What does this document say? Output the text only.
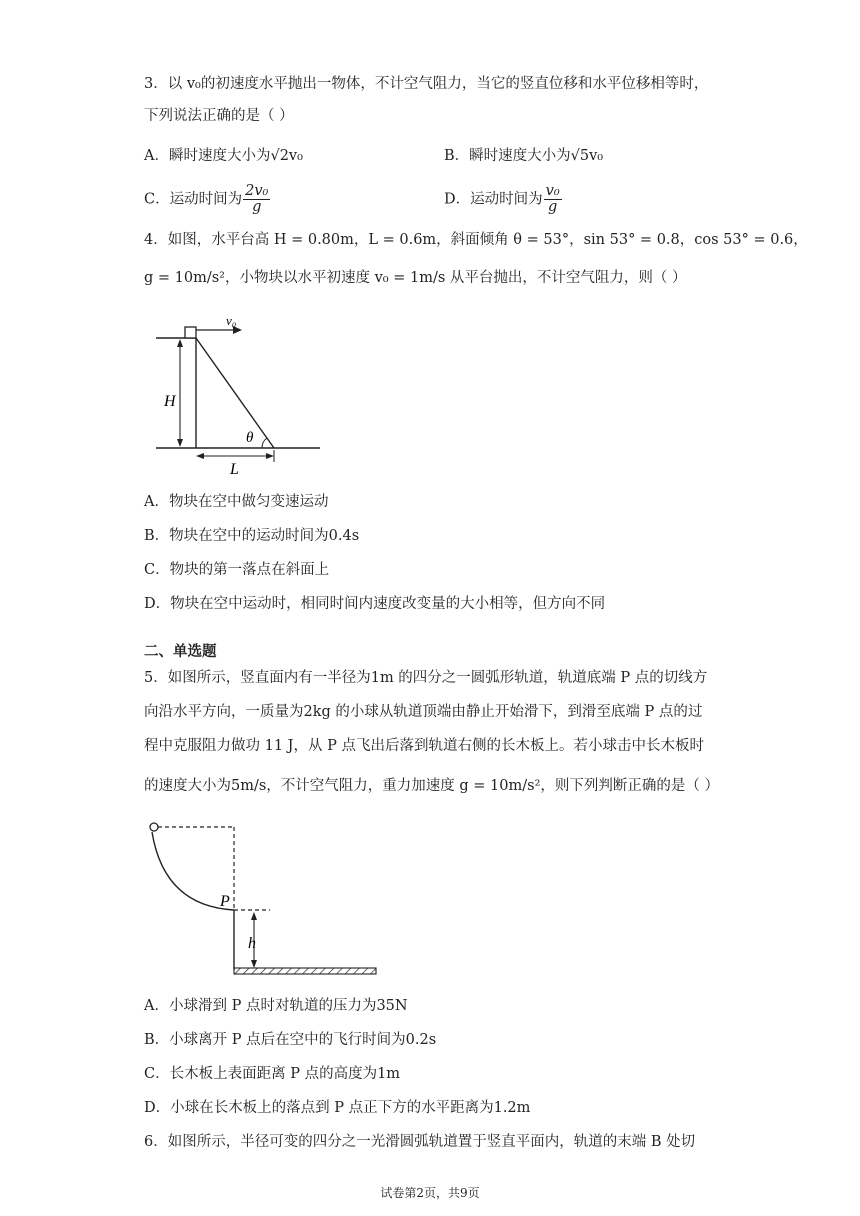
3．以 v₀的初速度水平抛出一物体，不计空气阻力，当它的竖直位移和水平位移相等时，
下列说法正确的是（ ）
A．瞬时速度大小为√2v₀	B．瞬时速度大小为√5v₀
C．运动时间为 $\frac{\text{2v₀}}{g}$	D．运动时间为 $\frac{\text{v₀}}{g}$
4．如图，水平台高 H = 0.80m，L = 0.6m，斜面倾角 θ = 53°，sin 53° = 0.8，cos 53° = 0.6，
g = 10m/s²，小物块以水平初速度 v₀ = 1m/s 从平台抛出，不计空气阻力，则（ ）
v₀
H
θ
L
A．物块在空中做匀变速运动
B．物块在空中的运动时间为0.4s
C．物块的第一落点在斜面上
D．物块在空中运动时，相同时间内速度改变量的大小相等，但方向不同
二、单选题
5．如图所示，竖直面内有一半径为1m 的四分之一圆弧形轨道，轨道底端 P 点的切线方
向沿水平方向，一质量为2kg 的小球从轨道顶端由静止开始滑下，到滑至底端 P 点的过
程中克服阻力做功 11 J，从 P 点飞出后落到轨道右侧的长木板上。若小球击中长木板时
的速度大小为5m/s，不计空气阻力，重力加速度 g = 10m/s²，则下列判断正确的是（ ）
P
h
A．小球滑到 P 点时对轨道的压力为35N
B．小球离开 P 点后在空中的飞行时间为0.2s
C．长木板上表面距离 P 点的高度为1m
D．小球在长木板上的落点到 P 点正下方的水平距离为1.2m
6．如图所示，半径可变的四分之一光滑圆弧轨道置于竖直平面内，轨道的末端 B 处切
试卷第2页，共9页
